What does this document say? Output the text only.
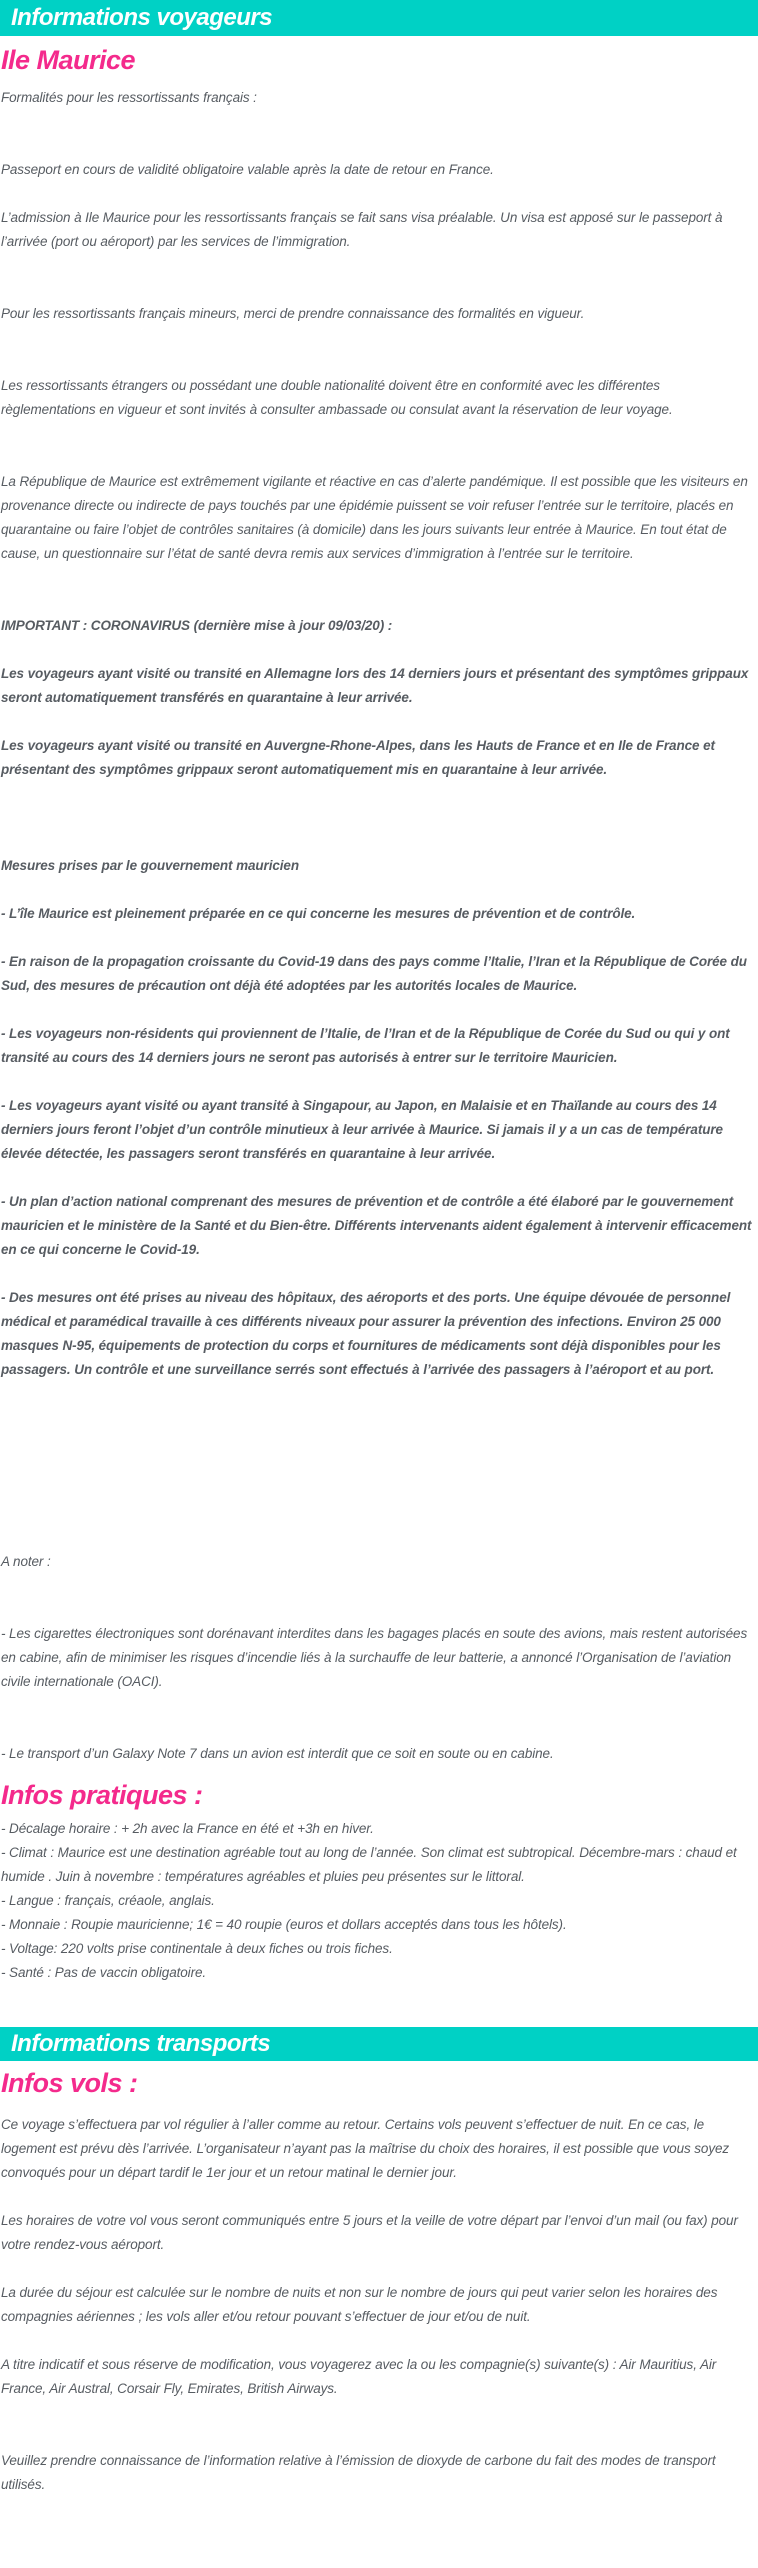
Informations voyageurs
Ile Maurice

Formalités pour les ressortissants français :

Passeport en cours de validité obligatoire valable après la date de retour en France.

L’admission à Ile Maurice pour les ressortissants français se fait sans visa préalable. Un visa est apposé sur le passeport à l’arrivée (port ou aéroport) par les services de l’immigration.

Pour les ressortissants français mineurs, merci de prendre connaissance des formalités en vigueur.

Les ressortissants étrangers ou possédant une double nationalité doivent être en conformité avec les différentes règlementations en vigueur et sont invités à consulter ambassade ou consulat avant la réservation de leur voyage.

La République de Maurice est extrêmement vigilante et réactive en cas d’alerte pandémique. Il est possible que les visiteurs en provenance directe ou indirecte de pays touchés par une épidémie puissent se voir refuser l’entrée sur le territoire, placés en quarantaine ou faire l’objet de contrôles sanitaires (à domicile) dans les jours suivants leur entrée à Maurice. En tout état de cause, un questionnaire sur l’état de santé devra remis aux services d’immigration à l’entrée sur le territoire.

IMPORTANT : CORONAVIRUS (dernière mise à jour 09/03/20) :

Les voyageurs ayant visité ou transité en Allemagne lors des 14 derniers jours et présentant des symptômes grippaux seront automatiquement transférés en quarantaine à leur arrivée.

Les voyageurs ayant visité ou transité en Auvergne-Rhone-Alpes, dans les Hauts de France et en Ile de France et présentant des symptômes grippaux seront automatiquement mis en quarantaine à leur arrivée.

Mesures prises par le gouvernement mauricien

- L’île Maurice est pleinement préparée en ce qui concerne les mesures de prévention et de contrôle.

- En raison de la propagation croissante du Covid-19 dans des pays comme l’Italie, l’Iran et la République de Corée du Sud, des mesures de précaution ont déjà été adoptées par les autorités locales de Maurice.

- Les voyageurs non-résidents qui proviennent de l’Italie, de l’Iran et de la République de Corée du Sud ou qui y ont transité au cours des 14 derniers jours ne seront pas autorisés à entrer sur le territoire Mauricien.

- Les voyageurs ayant visité ou ayant transité à Singapour, au Japon, en Malaisie et en Thaïlande au cours des 14 derniers jours feront l’objet d’un contrôle minutieux à leur arrivée à Maurice. Si jamais il y a un cas de température élevée détectée, les passagers seront transférés en quarantaine à leur arrivée.

- Un plan d’action national comprenant des mesures de prévention et de contrôle a été élaboré par le gouvernement mauricien et le ministère de la Santé et du Bien-être. Différents intervenants aident également à intervenir efficacement en ce qui concerne le Covid-19.

- Des mesures ont été prises au niveau des hôpitaux, des aéroports et des ports. Une équipe dévouée de personnel médical et paramédical travaille à ces différents niveaux pour assurer la prévention des infections. Environ 25 000 masques N-95, équipements de protection du corps et fournitures de médicaments sont déjà disponibles pour les passagers. Un contrôle et une surveillance serrés sont effectués à l’arrivée des passagers à l’aéroport et au port.

A noter :

- Les cigarettes électroniques sont dorénavant interdites dans les bagages placés en soute des avions, mais restent autorisées en cabine, afin de minimiser les risques d’incendie liés à la surchauffe de leur batterie, a annoncé l’Organisation de l’aviation civile internationale (OACI).

- Le transport d’un Galaxy Note 7 dans un avion est interdit que ce soit en soute ou en cabine.

Infos pratiques :

- Décalage horaire : + 2h avec la France en été et +3h en hiver.

- Climat : Maurice est une destination agréable tout au long de l’année. Son climat est subtropical. Décembre-mars : chaud et humide . Juin à novembre : températures agréables et pluies peu présentes sur le littoral.

- Langue : français, créaole, anglais.

- Monnaie : Roupie mauricienne; 1€ = 40 roupie (euros et dollars acceptés dans tous les hôtels).

- Voltage: 220 volts prise continentale à deux fiches ou trois fiches.

- Santé : Pas de vaccin obligatoire.

Informations transports
Infos vols :

Ce voyage s’effectuera par vol régulier à l’aller comme au retour. Certains vols peuvent s’effectuer de nuit. En ce cas, le logement est prévu dès l’arrivée. L’organisateur n’ayant pas la maîtrise du choix des horaires, il est possible que vous soyez convoqués pour un départ tardif le 1er jour et un retour matinal le dernier jour.

Les horaires de votre vol vous seront communiqués entre 5 jours et la veille de votre départ par l’envoi d’un mail (ou fax) pour votre rendez-vous aéroport.

La durée du séjour est calculée sur le nombre de nuits et non sur le nombre de jours qui peut varier selon les horaires des compagnies aériennes ; les vols aller et/ou retour pouvant s’effectuer de jour et/ou de nuit.

A titre indicatif et sous réserve de modification, vous voyagerez avec la ou les compagnie(s) suivante(s) : Air Mauritius, Air France, Air Austral, Corsair Fly, Emirates, British Airways.

Veuillez prendre connaissance de l’information relative à l’émission de dioxyde de carbone du fait des modes de transport utilisés.
